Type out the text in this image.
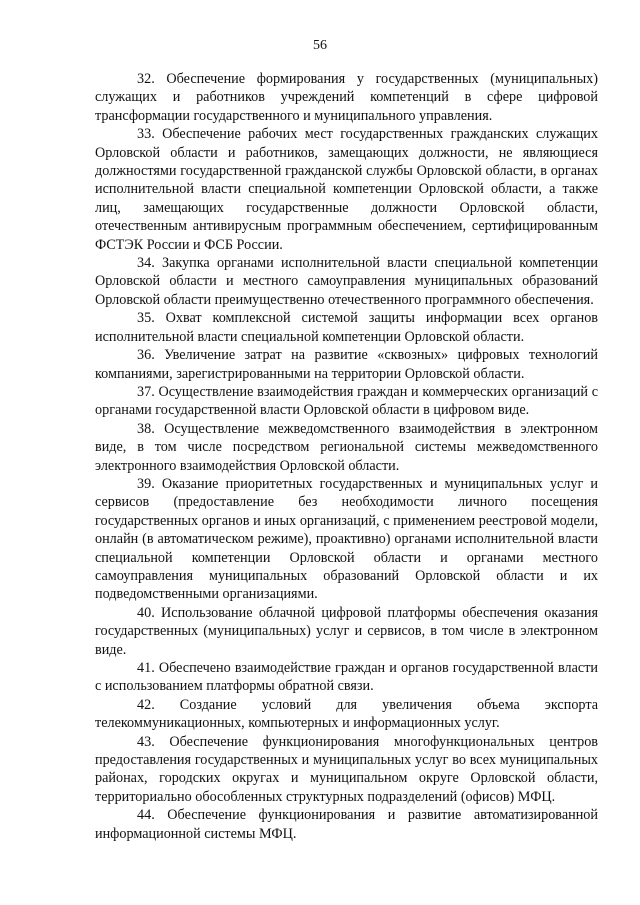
56

32. Обеспечение формирования у государственных (муниципальных) служащих и работников учреждений компетенций в сфере цифровой трансформации государственного и муниципального управления.

33. Обеспечение рабочих мест государственных гражданских служащих Орловской области и работников, замещающих должности, не являющиеся должностями государственной гражданской службы Орловской области, в органах исполнительной власти специальной компетенции Орловской области, а также лиц, замещающих государственные должности Орловской области, отечественным антивирусным программным обеспечением, сертифицированным ФСТЭК России и ФСБ России.

34. Закупка органами исполнительной власти специальной компетенции Орловской области и местного самоуправления муниципальных образований Орловской области преимущественно отечественного программного обеспечения.

35. Охват комплексной системой защиты информации всех органов исполнительной власти специальной компетенции Орловской области.

36. Увеличение затрат на развитие «сквозных» цифровых технологий компаниями, зарегистрированными на территории Орловской области.

37. Осуществление взаимодействия граждан и коммерческих организаций с органами государственной власти Орловской области в цифровом виде.

38. Осуществление межведомственного взаимодействия в электронном виде, в том числе посредством региональной системы межведомственного электронного взаимодействия Орловской области.

39. Оказание приоритетных государственных и муниципальных услуг и сервисов (предоставление без необходимости личного посещения государственных органов и иных организаций, с применением реестровой модели, онлайн (в автоматическом режиме), проактивно) органами исполнительной власти специальной компетенции Орловской области и органами местного самоуправления муниципальных образований Орловской области и их подведомственными организациями.

40. Использование облачной цифровой платформы обеспечения оказания государственных (муниципальных) услуг и сервисов, в том числе в электронном виде.

41. Обеспечено взаимодействие граждан и органов государственной власти с использованием платформы обратной связи.

42. Создание условий для увеличения объема экспорта телекоммуникационных, компьютерных и информационных услуг.

43. Обеспечение функционирования многофункциональных центров предоставления государственных и муниципальных услуг во всех муниципальных районах, городских округах и муниципальном округе Орловской области, территориально обособленных структурных подразделений (офисов) МФЦ.

44. Обеспечение функционирования и развитие автоматизированной информационной системы МФЦ.
